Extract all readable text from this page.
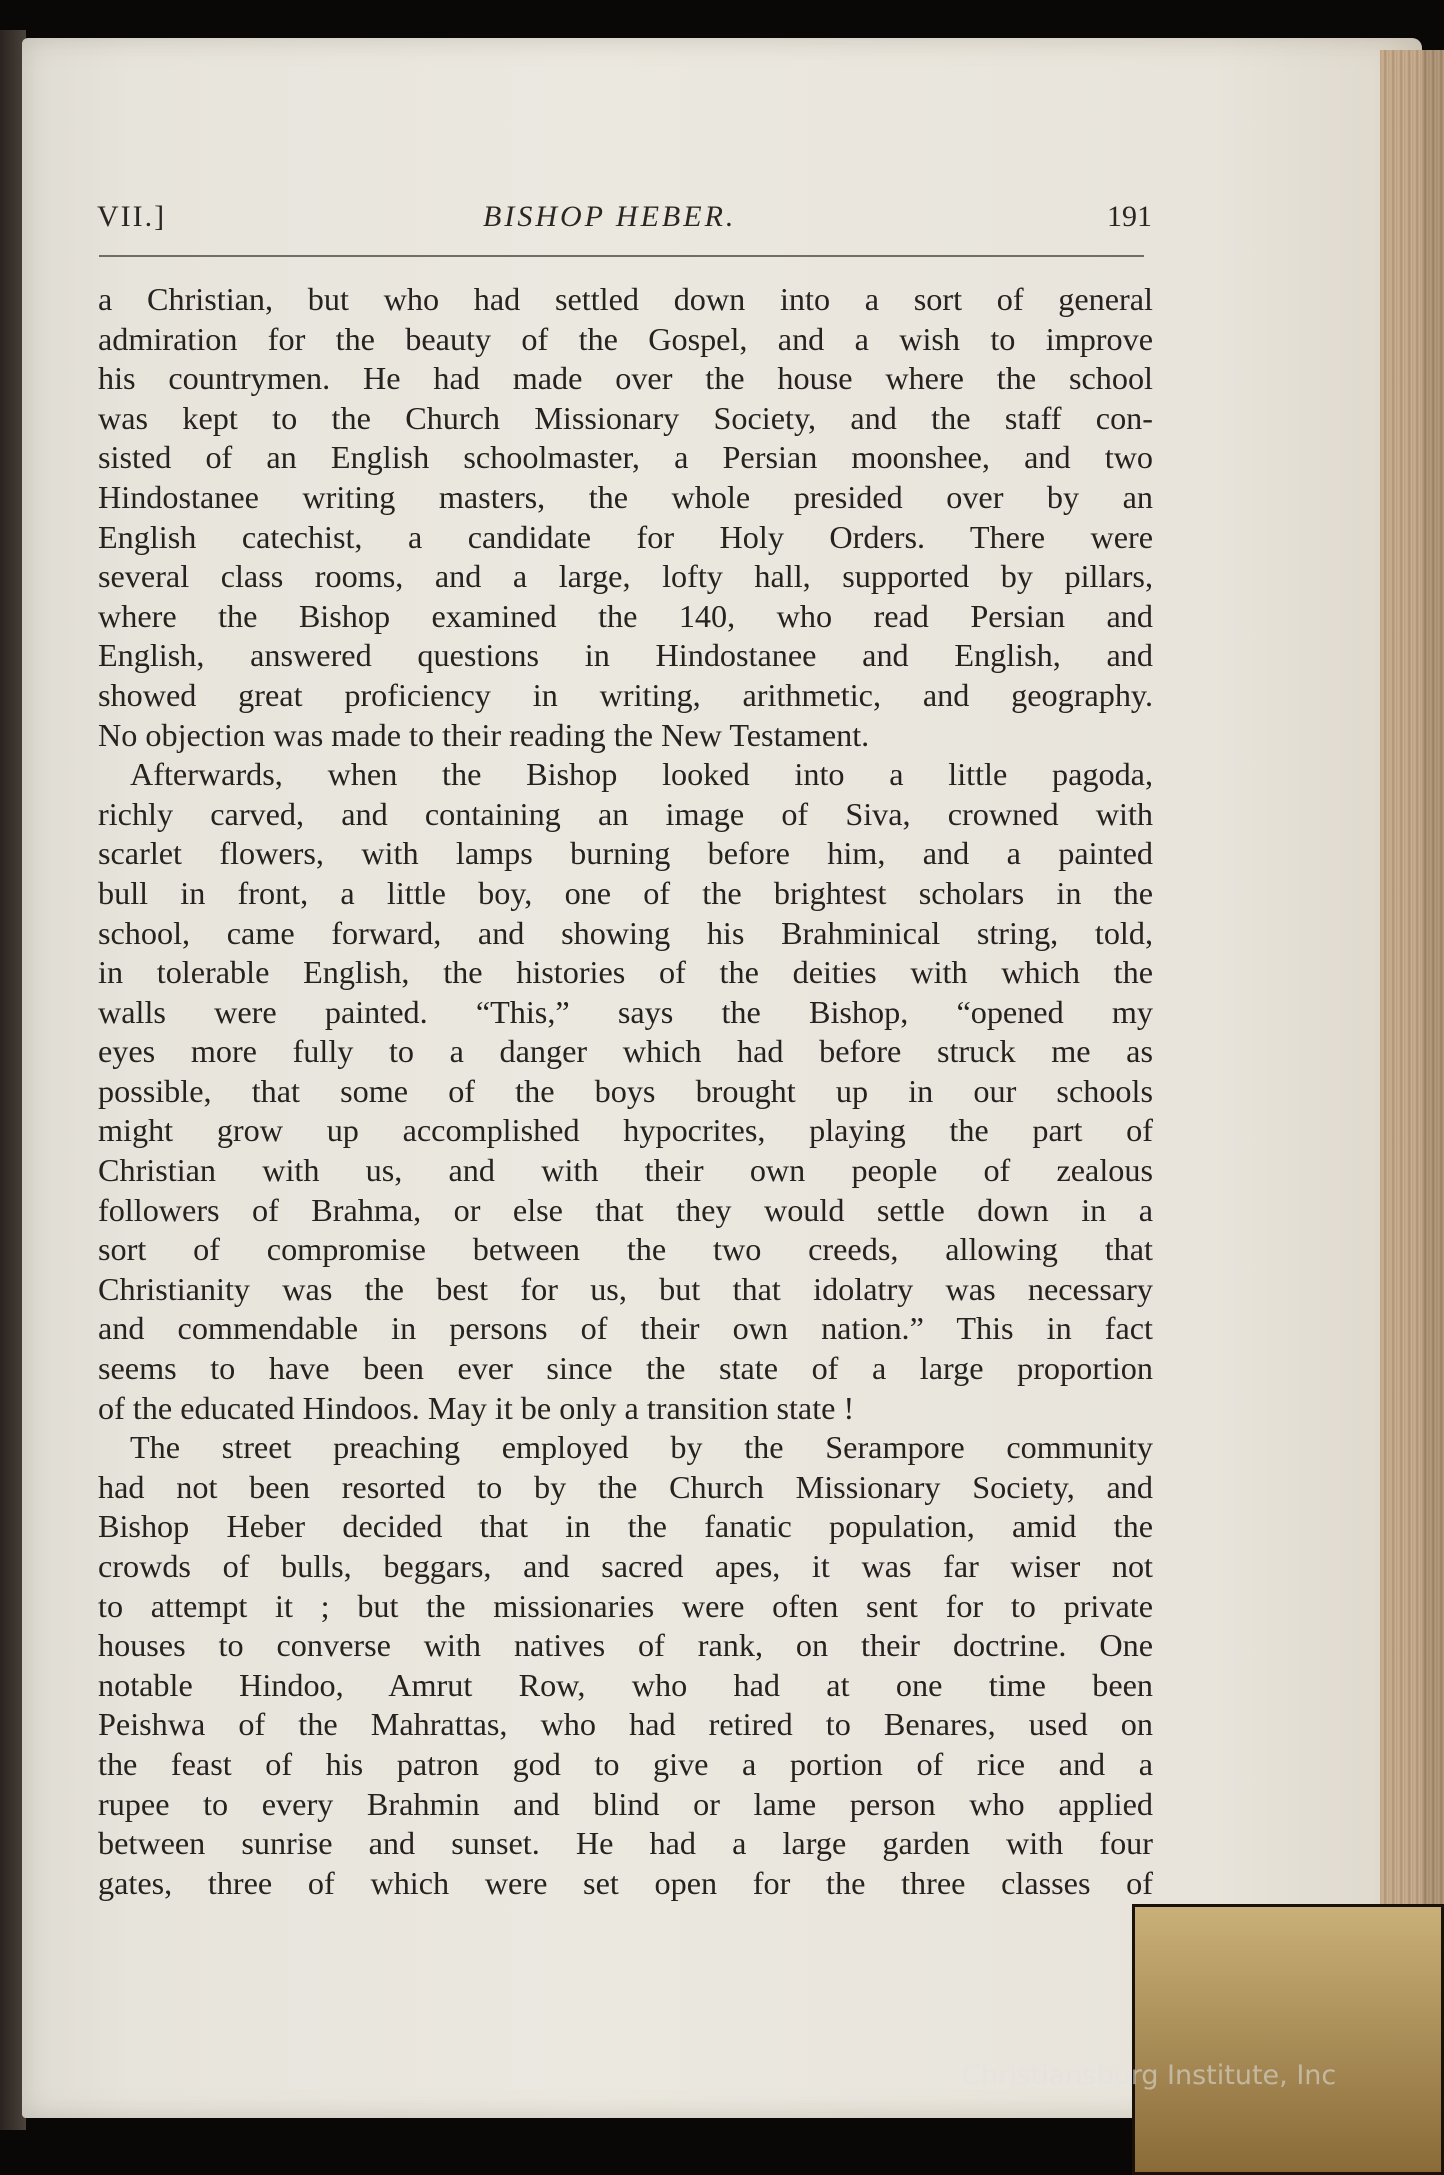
VII.]	BISHOP HEBER.	191
a Christian, but who had settled down into a sort of general
admiration for the beauty of the Gospel, and a wish to improve
his countrymen. He had made over the house where the school
was kept to the Church Missionary Society, and the staff con-
sisted of an English schoolmaster, a Persian moonshee, and two
Hindostanee writing masters, the whole presided over by an
English catechist, a candidate for Holy Orders. There were
several class rooms, and a large, lofty hall, supported by pillars,
where the Bishop examined the 140, who read Persian and
English, answered questions in Hindostanee and English, and
showed great proficiency in writing, arithmetic, and geography.
No objection was made to their reading the New Testament.
Afterwards, when the Bishop looked into a little pagoda,
richly carved, and containing an image of Siva, crowned with
scarlet flowers, with lamps burning before him, and a painted
bull in front, a little boy, one of the brightest scholars in the
school, came forward, and showing his Brahminical string, told,
in tolerable English, the histories of the deities with which the
walls were painted. “This,” says the Bishop, “opened my
eyes more fully to a danger which had before struck me as
possible, that some of the boys brought up in our schools
might grow up accomplished hypocrites, playing the part of
Christian with us, and with their own people of zealous
followers of Brahma, or else that they would settle down in a
sort of compromise between the two creeds, allowing that
Christianity was the best for us, but that idolatry was necessary
and commendable in persons of their own nation.” This in fact
seems to have been ever since the state of a large proportion
of the educated Hindoos. May it be only a transition state !
The street preaching employed by the Serampore community
had not been resorted to by the Church Missionary Society, and
Bishop Heber decided that in the fanatic population, amid the
crowds of bulls, beggars, and sacred apes, it was far wiser not
to attempt it ; but the missionaries were often sent for to private
houses to converse with natives of rank, on their doctrine. One
notable Hindoo, Amrut Row, who had at one time been
Peishwa of the Mahrattas, who had retired to Benares, used on
the feast of his patron god to give a portion of rice and a
rupee to every Brahmin and blind or lame person who applied
between sunrise and sunset. He had a large garden with four
gates, three of which were set open for the three classes of
Christiansburg Institute, Inc
